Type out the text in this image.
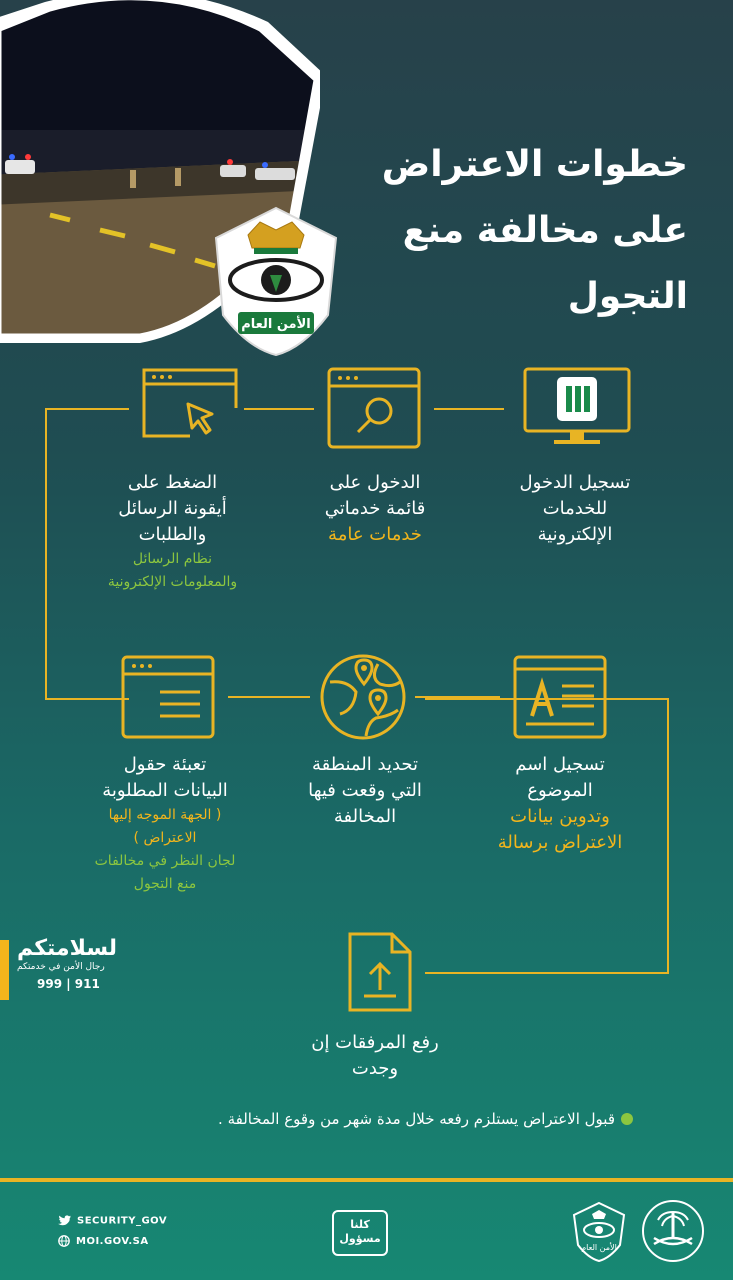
الأمن العام
خطوات الاعتراض
على مخالفة منع
التجول
تسجيل الدخول
للخدمات
الإلكترونية
الدخول على
قائمة خدماتي
خدمات عامة
الضغط على
أيقونة الرسائل
والطلبات
نظام الرسائل
والمعلومات الإلكترونية
تسجيل اسم
الموضوع
وتدوين بيانات
الاعتراض برسالة
تحديد المنطقة
التي وقعت فيها
المخالفة
تعبئة حقول
البيانات المطلوبة
( الجهة الموجه إليها
الاعتراض )
لجان النظر في مخالفات
منع التجول
رفع المرفقات إن
وجدت
لسلامتكم
رجال الأمن في خدمتكم
999 | 911
قبول الاعتراض يستلزم رفعه خلال مدة شهر من وقوع المخالفة .
SECURITY_GOV
MOI.GOV.SA
كلنا مسؤول
الأمن العام
